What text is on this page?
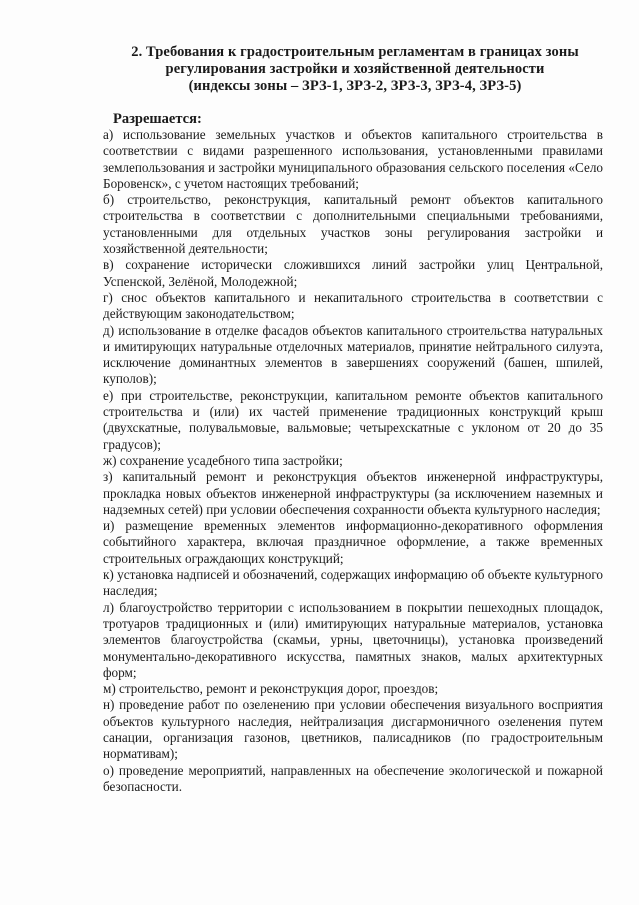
2. Требования к градостроительным регламентам в границах зоны
регулирования застройки и хозяйственной деятельности
(индексы зоны – ЗРЗ-1, ЗРЗ-2, ЗРЗ-3, ЗРЗ-4, ЗРЗ-5)
Разрешается:

а) использование земельных участков и объектов капитального строительства в соответствии с видами разрешенного использования, установленными правилами землепользования и застройки муниципального образования сельского поселения «Село Боровенск», с учетом настоящих требований;

б) строительство, реконструкция, капитальный ремонт объектов капитального строительства в соответствии с дополнительными специальными требованиями, установленными для отдельных участков зоны регулирования застройки и хозяйственной деятельности;

в) сохранение исторически сложившихся линий застройки улиц Центральной, Успенской, Зелёной, Молодежной;

г) снос объектов капитального и некапитального строительства в соответствии с действующим законодательством;

д) использование в отделке фасадов объектов капитального строительства натуральных и имитирующих натуральные отделочных материалов, принятие нейтрального силуэта, исключение доминантных элементов в завершениях сооружений (башен, шпилей, куполов);

е) при строительстве, реконструкции, капитальном ремонте объектов капитального строительства и (или) их частей применение традиционных конструкций крыш (двухскатные, полувальмовые, вальмовые; четырехскатные с уклоном от 20 до 35 градусов);

ж) сохранение усадебного типа застройки;

з) капитальный ремонт и реконструкция объектов инженерной инфраструктуры, прокладка новых объектов инженерной инфраструктуры (за исключением наземных и надземных сетей) при условии обеспечения сохранности объекта культурного наследия;

и) размещение временных элементов информационно-декоративного оформления событийного характера, включая праздничное оформление, а также временных строительных ограждающих конструкций;

к) установка надписей и обозначений, содержащих информацию об объекте культурного наследия;

л) благоустройство территории с использованием в покрытии пешеходных площадок, тротуаров традиционных и (или) имитирующих натуральные материалов, установка элементов благоустройства (скамьи, урны, цветочницы), установка произведений монументально-декоративного искусства, памятных знаков, малых архитектурных форм;

м) строительство, ремонт и реконструкция дорог, проездов;

н) проведение работ по озеленению при условии обеспечения визуального восприятия объектов культурного наследия, нейтрализация дисгармоничного озеленения путем санации, организация газонов, цветников, палисадников (по градостроительным нормативам);

о) проведение мероприятий, направленных на обеспечение экологической и пожарной безопасности.
